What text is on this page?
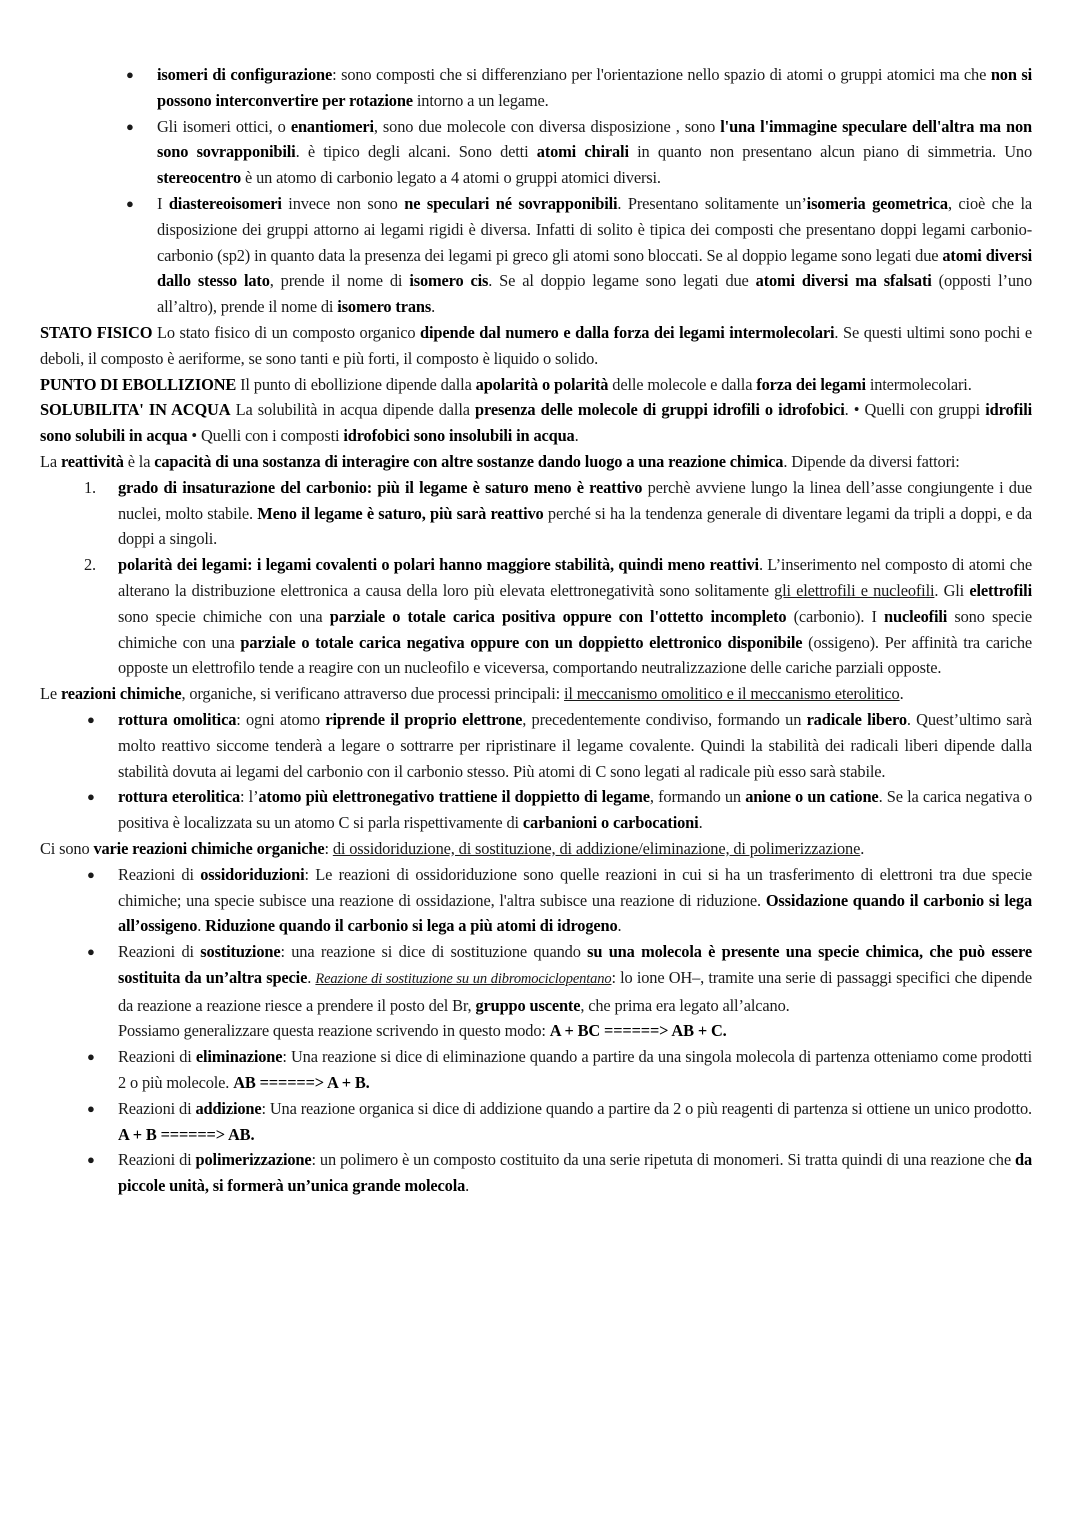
● isomeri di configurazione: sono composti che si differenziano per l'orientazione nello spazio di atomi o gruppi atomici ma che non si possono interconvertire per rotazione intorno a un legame.
● Gli isomeri ottici, o enantiomeri, sono due molecole con diversa disposizione , sono l'una l'immagine speculare dell'altra ma non sono sovrapponibili. è tipico degli alcani. Sono detti atomi chirali in quanto non presentano alcun piano di simmetria. Uno stereocentro è un atomo di carbonio legato a 4 atomi o gruppi atomici diversi.
● I diastereoisomeri invece non sono ne speculari né sovrapponibili. Presentano solitamente un’isomeria geometrica, cioè che la disposizione dei gruppi attorno ai legami rigidi è diversa. Infatti di solito è tipica dei composti che presentano doppi legami carbonio-carbonio (sp2) in quanto data la presenza dei legami pi greco gli atomi sono bloccati. Se al doppio legame sono legati due atomi diversi dallo stesso lato, prende il nome di isomero cis. Se al doppio legame sono legati due atomi diversi ma sfalsati (opposti l’uno all’altro), prende il nome di isomero trans.
STATO FISICO Lo stato fisico di un composto organico dipende dal numero e dalla forza dei legami intermolecolari. Se questi ultimi sono pochi e deboli, il composto è aeriforme, se sono tanti e più forti, il composto è liquido o solido.
PUNTO DI EBOLLIZIONE Il punto di ebollizione dipende dalla apolarità o polarità delle molecole e dalla forza dei legami intermolecolari.
SOLUBILITA' IN ACQUA La solubilità in acqua dipende dalla presenza delle molecole di gruppi idrofili o idrofobici. • Quelli con gruppi idrofili sono solubili in acqua • Quelli con i composti idrofobici sono insolubili in acqua.
La reattività è la capacità di una sostanza di interagire con altre sostanze dando luogo a una reazione chimica. Dipende da diversi fattori:
1. grado di insaturazione del carbonio: più il legame è saturo meno è reattivo perchè avviene lungo la linea dell’asse congiungente i due nuclei, molto stabile. Meno il legame è saturo, più sarà reattivo perché si ha la tendenza generale di diventare legami da tripli a doppi, e da doppi a singoli.
2. polarità dei legami: i legami covalenti o polari hanno maggiore stabilità, quindi meno reattivi. L’inserimento nel composto di atomi che alterano la distribuzione elettronica a causa della loro più elevata elettronegatività sono solitamente gli elettrofili e nucleofili. Gli elettrofili sono specie chimiche con una parziale o totale carica positiva oppure con l'ottetto incompleto (carbonio). I nucleofili sono specie chimiche con una parziale o totale carica negativa oppure con un doppietto elettronico disponibile (ossigeno). Per affinità tra cariche opposte un elettrofilo tende a reagire con un nucleofilo e viceversa, comportando neutralizzazione delle cariche parziali opposte.
Le reazioni chimiche, organiche, si verificano attraverso due processi principali: il meccanismo omolitico e il meccanismo eterolitico.
● rottura omolitica: ogni atomo riprende il proprio elettrone, precedentemente condiviso, formando un radicale libero. Quest’ultimo sarà molto reattivo siccome tenderà a legare o sottrarre per ripristinare il legame covalente. Quindi la stabilità dei radicali liberi dipende dalla stabilità dovuta ai legami del carbonio con il carbonio stesso. Più atomi di C sono legati al radicale più esso sarà stabile.
● rottura eterolitica: l’atomo più elettronegativo trattiene il doppietto di legame, formando un anione o un catione. Se la carica negativa o positiva è localizzata su un atomo C si parla rispettivamente di carbanioni o carbocationi.
Ci sono varie reazioni chimiche organiche: di ossidoriduzione, di sostituzione, di addizione/eliminazione, di polimerizzazione.
● Reazioni di ossidoriduzioni: Le reazioni di ossidoriduzione sono quelle reazioni in cui si ha un trasferimento di elettroni tra due specie chimiche; una specie subisce una reazione di ossidazione, l'altra subisce una reazione di riduzione. Ossidazione quando il carbonio si lega all’ossigeno. Riduzione quando il carbonio si lega a più atomi di idrogeno.
● Reazioni di sostituzione: una reazione si dice di sostituzione quando su una molecola è presente una specie chimica, che può essere sostituita da un’altra specie. Reazione di sostituzione su un dibromociclopentano: lo ione OH–, tramite una serie di passaggi specifici che dipende da reazione a reazione riesce a prendere il posto del Br, gruppo uscente, che prima era legato all’alcano.
Possiamo generalizzare questa reazione scrivendo in questo modo: A + BC ======> AB + C.
● Reazioni di eliminazione: Una reazione si dice di eliminazione quando a partire da una singola molecola di partenza otteniamo come prodotti 2 o più molecole. AB ======> A + B.
● Reazioni di addizione: Una reazione organica si dice di addizione quando a partire da 2 o più reagenti di partenza si ottiene un unico prodotto. A + B ======> AB.
● Reazioni di polimerizzazione: un polimero è un composto costituito da una serie ripetuta di monomeri. Si tratta quindi di una reazione che da piccole unità, si formerà un’unica grande molecola.
